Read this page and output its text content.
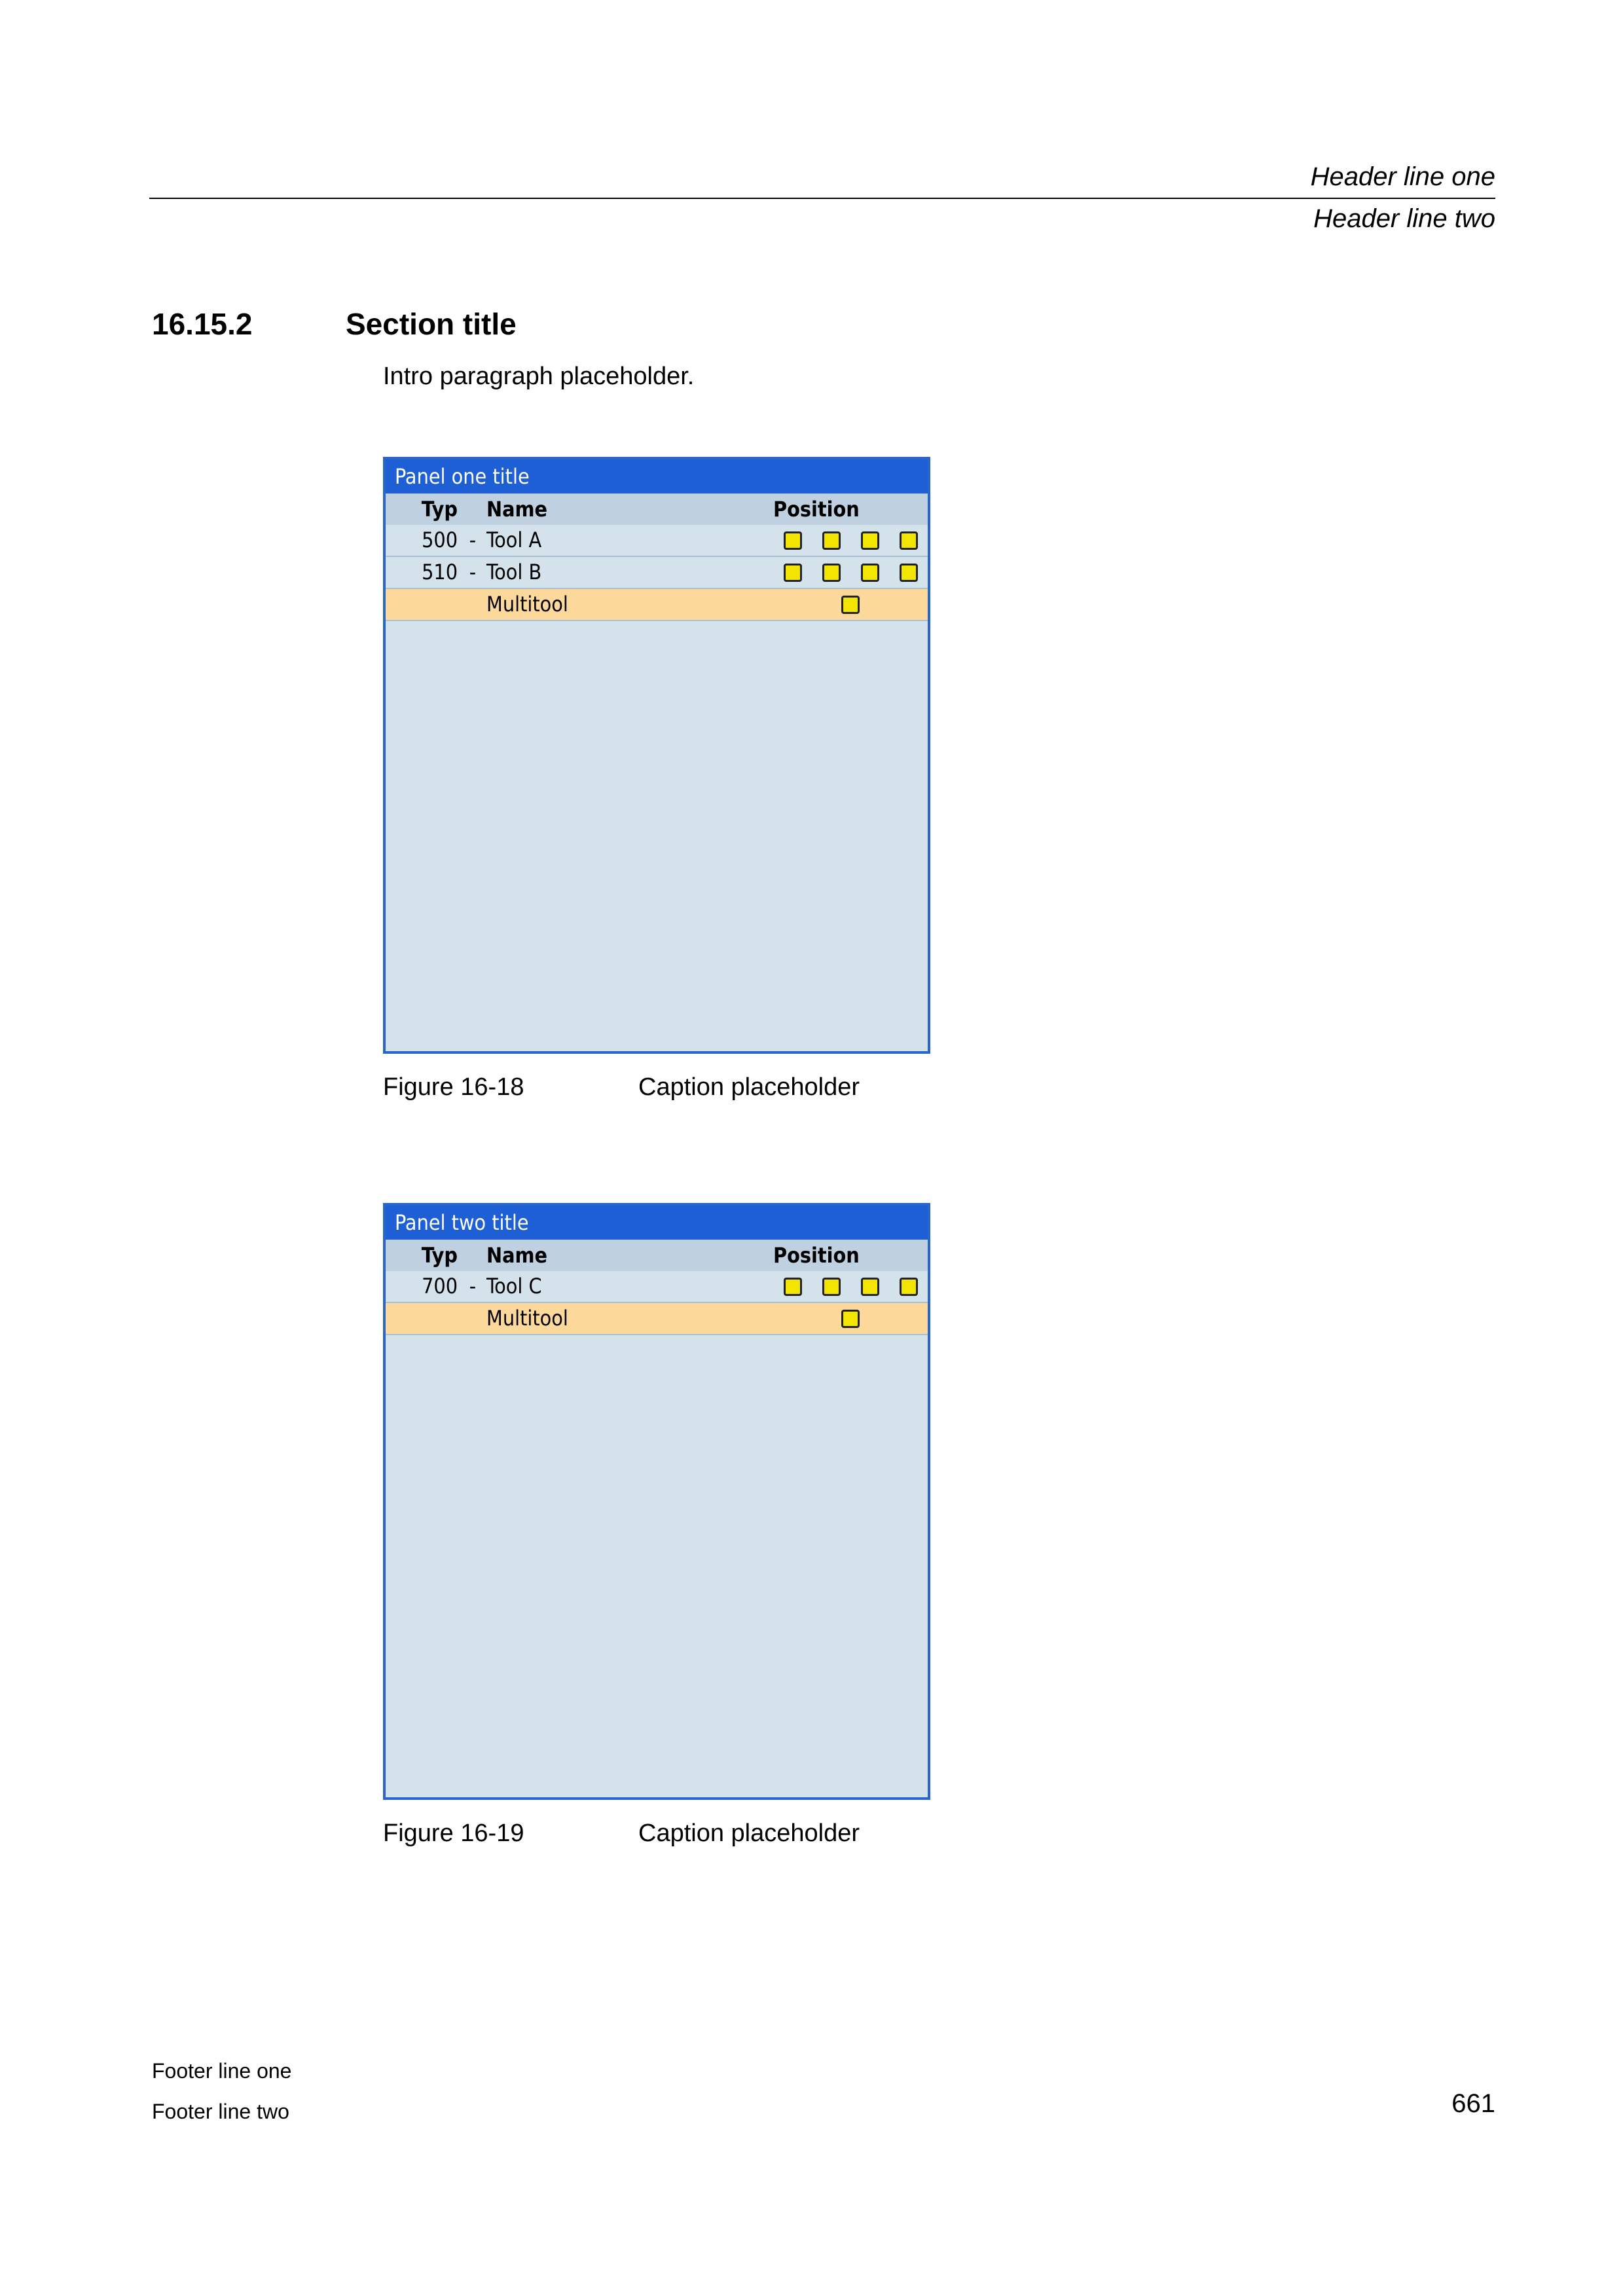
Header line one
Header line two
16.15.2	Section title
Intro paragraph placeholder.
Panel one title
Typ Name	Position
500 - Tool A
510 - Tool B
Multitool
Figure 16-18	Caption placeholder
Panel two title
Typ Name	Position
700 - Tool C
Multitool
Figure 16-19	Caption placeholder
Footer line one
Footer line two	661
